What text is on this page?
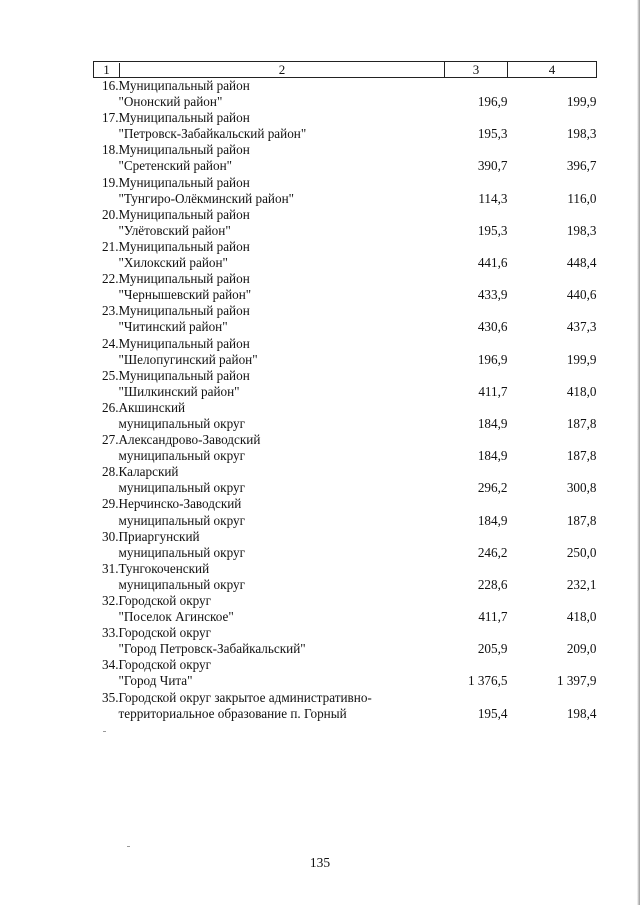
1 2		3	4
16.	Муниципальный район
"Ононский район"	196,9	199,9
17.	Муниципальный район
"Петровск-Забайкальский район"	195,3	198,3
18.	Муниципальный район
"Сретенский район"	390,7	396,7
19.	Муниципальный район
"Тунгиро-Олёкминский район"	114,3	116,0
20.	Муниципальный район
"Улётовский район"	195,3	198,3
21.	Муниципальный район
"Хилокский район"	441,6	448,4
22.	Муниципальный район
"Чернышевский район"	433,9	440,6
23.	Муниципальный район
"Читинский район"	430,6	437,3
24.	Муниципальный район
"Шелопугинский район"	196,9	199,9
25.	Муниципальный район
"Шилкинский район"	411,7	418,0
26.	Акшинский
муниципальный округ	184,9	187,8
27.	Александрово-Заводский
муниципальный округ	184,9	187,8
28.	Каларский
муниципальный округ	296,2	300,8
29.	Нерчинско-Заводский
муниципальный округ	184,9	187,8
30.	Приаргунский
муниципальный округ	246,2	250,0
31.	Тунгокоченский
муниципальный округ	228,6	232,1
32.	Городской округ
"Поселок Агинское"	411,7	418,0
33.	Городской округ
"Город Петровск-Забайкальский"	205,9	209,0
34.	Городской округ
"Город Чита"	1 376,5	1 397,9
35.	Городской округ закрытое административно-
территориальное образование п. Горный	195,4	198,4
135
